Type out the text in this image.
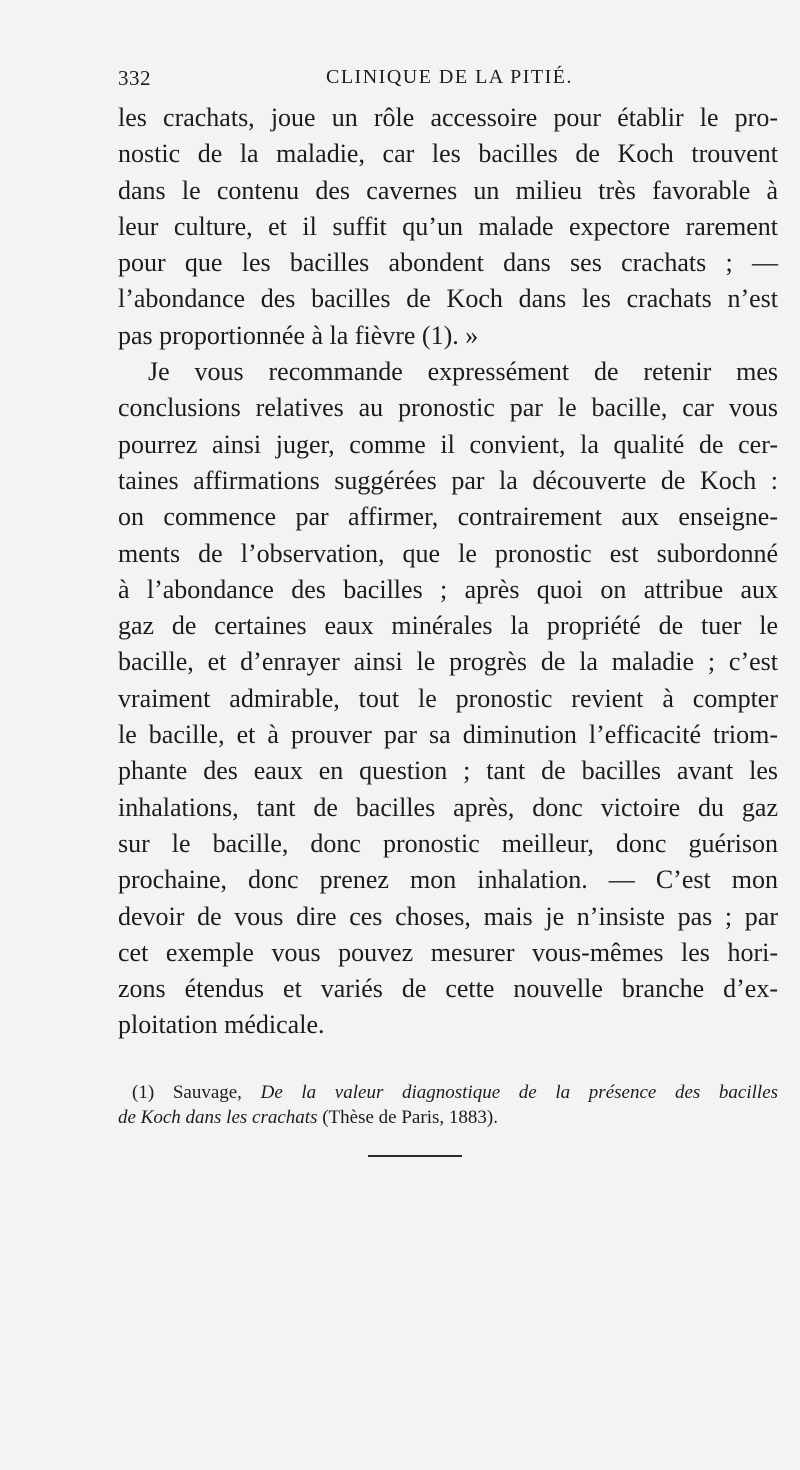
332	CLINIQUE DE LA PITIÉ.
les crachats, joue un rôle accessoire pour établir le pro-
nostic de la maladie, car les bacilles de Koch trouvent
dans le contenu des cavernes un milieu très favorable à
leur culture, et il suffit qu’un malade expectore rarement
pour que les bacilles abondent dans ses crachats ; —
l’abondance des bacilles de Koch dans les crachats n’est
pas proportionnée à la fièvre (1). »
Je vous recommande expressément de retenir mes
conclusions relatives au pronostic par le bacille, car vous
pourrez ainsi juger, comme il convient, la qualité de cer-
taines affirmations suggérées par la découverte de Koch :
on commence par affirmer, contrairement aux enseigne-
ments de l’observation, que le pronostic est subordonné
à l’abondance des bacilles ; après quoi on attribue aux
gaz de certaines eaux minérales la propriété de tuer le
bacille, et d’enrayer ainsi le progrès de la maladie ; c’est
vraiment admirable, tout le pronostic revient à compter
le bacille, et à prouver par sa diminution l’efficacité triom-
phante des eaux en question ; tant de bacilles avant les
inhalations, tant de bacilles après, donc victoire du gaz
sur le bacille, donc pronostic meilleur, donc guérison
prochaine, donc prenez mon inhalation. — C’est mon
devoir de vous dire ces choses, mais je n’insiste pas ; par
cet exemple vous pouvez mesurer vous-mêmes les hori-
zons étendus et variés de cette nouvelle branche d’ex-
ploitation médicale.
(1) Sauvage, De la valeur diagnostique de la présence des bacilles
de Koch dans les crachats (Thèse de Paris, 1883).
